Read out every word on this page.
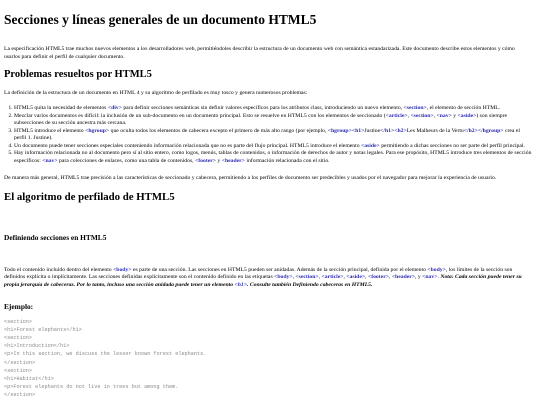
Secciones y líneas generales de un documento HTML5

La especificación HTML5 trae muchos nuevos elementos a los desarrolladores web, permitiéndoles describir la estructura de un documento web con semántica estandarizada. Este documento describe estos elementos y cómo usarlos para definir el perfil de cualquier documento.

Problemas resueltos por HTML5

La definición de la estructura de un documento en HTML 4 y su algoritmo de perfilado es muy tosco y genera numerosos problemas:

1. HTML5 quita la necesidad de elementos <div> para definir secciones semánticas sin definir valores específicos para los atributos class, introduciendo un nuevo elemento, <section>, el elemento de sección HTML.
2. Mezclar varios documentos es difícil: la inclusión de un sub-documento en un documento principal. Esto se resuelve en HTML5 con los elementos de seccionado (<article>, <section>, <nav> y <aside>) son siempre subsecciones de su sección ancestra más cercana.
3. HTML5 introduce el elemento <hgroup> que oculta todos los elementos de cabecera excepto el primero de más alto rango (por ejemplo, <hgroup><h1>Justine</h1><h2>Les Malheurs de la Vertu</h2></hgroup> crea el perfil 1. Justine).
4. Un documento puede tener secciones especiales conteniendo información relacionada que no es parte del flujo principal. HTML5 introduce el elemento <aside> permitiendo a dichas secciones no ser parte del perfil principal.
5. Hay información relacionada no al documento pero sí al sitio entero, como logos, menús, tablas de contenidos, o información de derechos de autor y notas legales. Para ese propósito, HTML5 introduce tres elementos de sección específicos: <nav> para colecciones de enlaces, como una tabla de contenidos, <footer> y <header> información relacionada con el sitio.

De manera más general, HTML5 trae precisión a las características de seccionado y cabecera, permitiendo a los perfiles de documento ser predecibles y usados por el navegador para mejorar la experiencia de usuario.

El algoritmo de perfilado de HTML5
Definiendo secciones en HTML5

Todo el contenido incluido dentro del elemento <body> es parte de una sección. Las secciones en HTML5 pueden ser anidadas. Además de la sección principal, definida por el elemento <body>, los límites de la sección son definidos explícita o implícitamente. Las secciones definidas explícitamente son el contenido definido en las etiquetas <body>, <section>, <article>, <aside>, <footer>, <header>, y <nav>. Nota: Cada sección puede tener su propia jerarquía de cabeceras. Por lo tanto, incluso una sección anidada puede tener un elemento <h1>. Consulte también Definiendo cabeceras en HTML5.

Ejemplo:
<section>
<h1>Forest elephants</h1>
<section>
<h1>Introduction</h1>
<p>In this section, we discuss the lesser known forest elephants.
</section>
<section>
<h1>Habitat</h1>
<p>Forest elephants do not live in trees but among them.
</section>
